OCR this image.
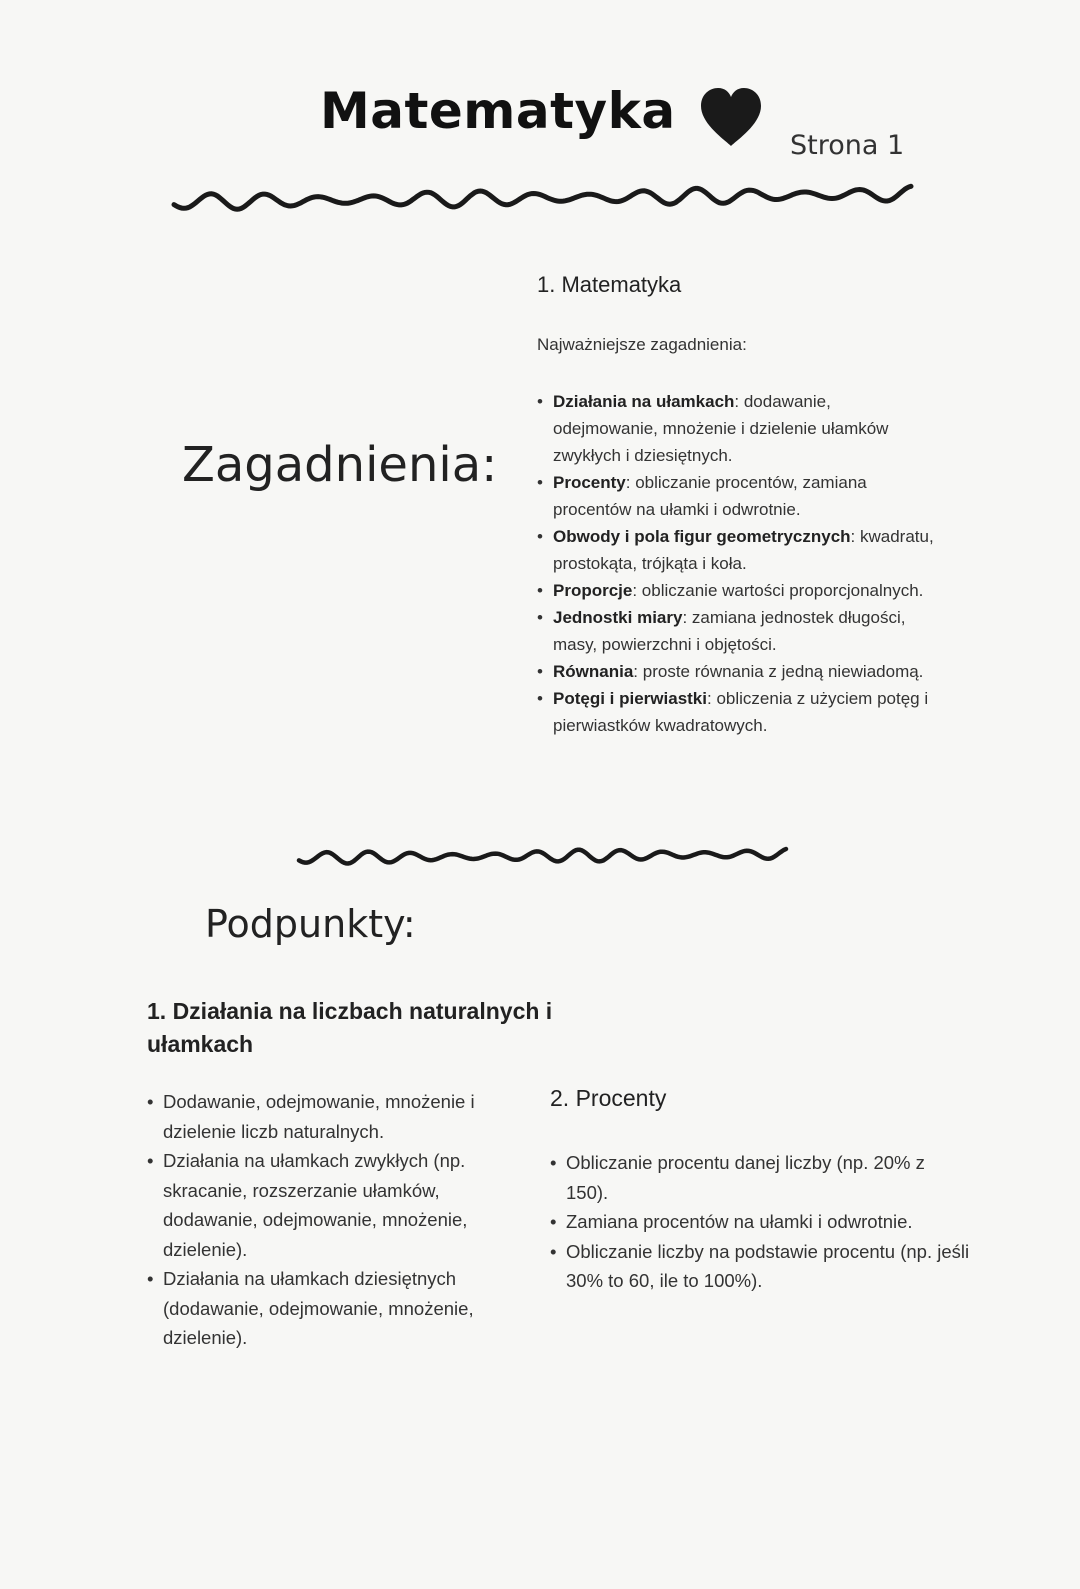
Matematyka
Strona 1
Zagadnienia:
1. Matematyka
Najważniejsze zagadnienia:
• Działania na ułamkach: dodawanie, odejmowanie, mnożenie i dzielenie ułamków zwykłych i dziesiętnych.
• Procenty: obliczanie procentów, zamiana procentów na ułamki i odwrotnie.
• Obwody i pola figur geometrycznych: kwadratu, prostokąta, trójkąta i koła.
• Proporcje: obliczanie wartości proporcjonalnych.
• Jednostki miary: zamiana jednostek długości, masy, powierzchni i objętości.
• Równania: proste równania z jedną niewiadomą.
• Potęgi i pierwiastki: obliczenia z użyciem potęg i pierwiastków kwadratowych.
Podpunkty:
1. Działania na liczbach naturalnych i ułamkach
• Dodawanie, odejmowanie, mnożenie i dzielenie liczb naturalnych.
• Działania na ułamkach zwykłych (np. skracanie, rozszerzanie ułamków, dodawanie, odejmowanie, mnożenie, dzielenie).
• Działania na ułamkach dziesiętnych (dodawanie, odejmowanie, mnożenie, dzielenie).
2. Procenty
• Obliczanie procentu danej liczby (np. 20% z 150).
• Zamiana procentów na ułamki i odwrotnie.
• Obliczanie liczby na podstawie procentu (np. jeśli 30% to 60, ile to 100%).
